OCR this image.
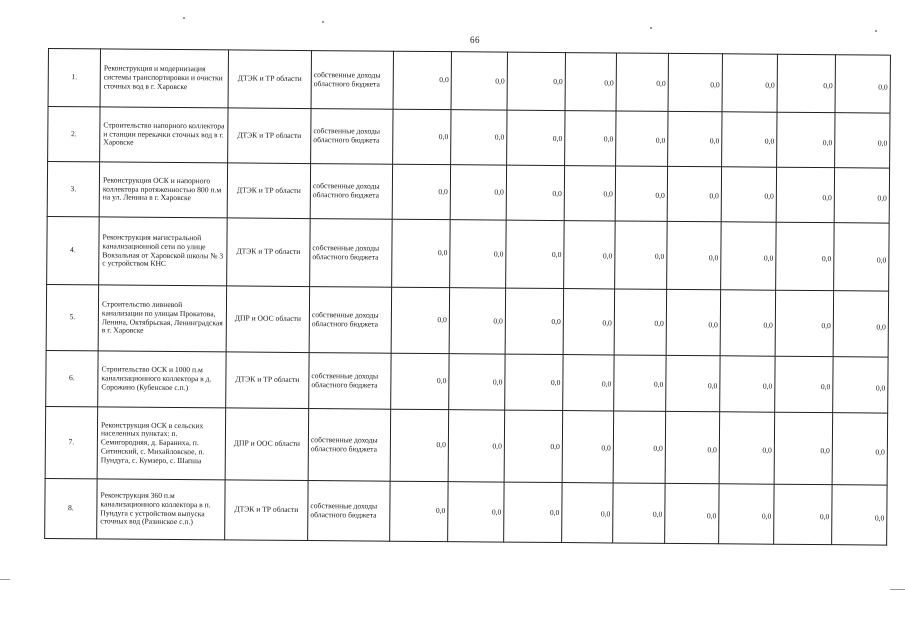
66
1.	Реконструкция и модернизация системы транспортировки и очистки сточных вод в г. Харовске	ДТЭК и ТР области	собственные доходы областного бюджета	0,0	0,0	0,0	0,0	0,0	0,0	0,0	0,0	0,0
2.	Строительство напорного коллектора и станции перекачки сточных вод в г. Харовске	ДТЭК и ТР области	собственные доходы областного бюджета	0,0	0,0	0,0	0,0	0,0	0,0	0,0	0,0	0,0
3.	Реконструкция ОСК и напорного коллектора протяженностью 800 п.м на ул. Ленина в г. Харовске	ДТЭК и ТР области	собственные доходы областного бюджета	0,0	0,0	0,0	0,0	0,0	0,0	0,0	0,0	0,0
4.	Реконструкция магистральной канализационной сети по улице Вокзальная от Харовской школы № 3 с устройством КНС	ДТЭК и ТР области	собственные доходы областного бюджета	0,0	0,0	0,0	0,0	0,0	0,0	0,0	0,0	0,0
5.	Строительство ливневой канализации по улицам Прокатова, Ленина, Октябрьская, Ленинградская в г. Харовске	ДПР и ООС области	собственные доходы областного бюджета	0,0	0,0	0,0	0,0	0,0	0,0	0,0	0,0	0,0
6.	Строительство ОСК и 1000 п.м канализационного коллектора в д. Сорожино (Кубенское с.п.)	ДТЭК и ТР области	собственные доходы областного бюджета	0,0	0,0	0,0	0,0	0,0	0,0	0,0	0,0	0,0
7.	Реконструкция ОСК в сельских населенных пунктах: п. Семигородняя, д. Баранихa, п. Ситинский, с. Михайловское, п. Пундуга, с. Кумзеро, с. Шапша	ДПР и ООС области	собственные доходы областного бюджета	0,0	0,0	0,0	0,0	0,0	0,0	0,0	0,0	0,0
8.	Реконструкция 360 п.м канализационного коллектора в п. Пундуга с устройством выпуска сточных вод (Разинское с.п.)	ДТЭК и ТР области	собственные доходы областного бюджета	0,0	0,0	0,0	0,0	0,0	0,0	0,0	0,0	0,0
